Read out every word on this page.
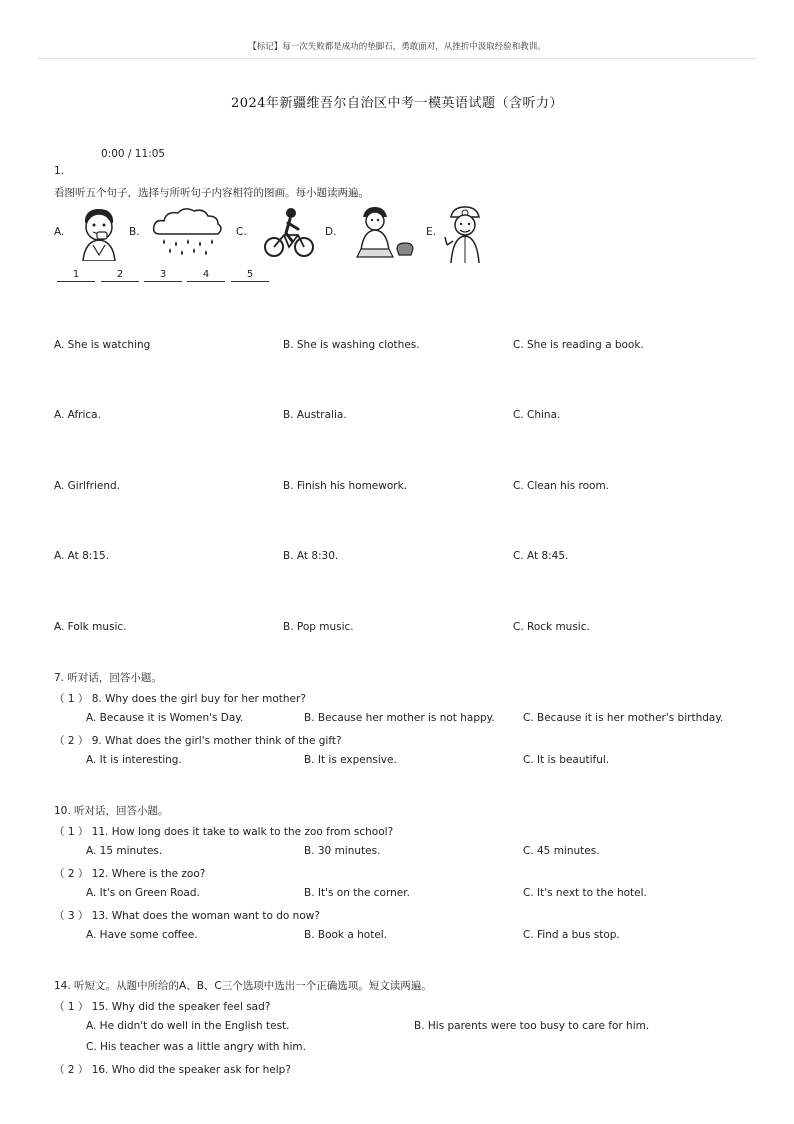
【标记】每一次失败都是成功的垫脚石，勇敢面对，从挫折中汲取经验和教训。
2024年新疆维吾尔自治区中考一模英语试题（含听力）
0:00 / 11:05
1.
看图听五个句子，选择与所听句子内容相符的图画。每小题读两遍。
A.	B.	C.	D.	E.
1	2	3	4	5
A. She is watching	B. She is washing clothes.	C. She is reading a book.
A. Africa.	B. Australia.	C. China.
A. Girlfriend.	B. Finish his homework.	C. Clean his room.
A. At 8:15.	B. At 8:30.	C. At 8:45.
A. Folk music.	B. Pop music.	C. Rock music.
7. 听对话，回答小题。
（ 1 ） 8. Why does the girl buy for her mother?
A. Because it is Women's Day.	B. Because her mother is not happy.	C. Because it is her mother's birthday.
（ 2 ） 9. What does the girl's mother think of the gift?
A. It is interesting.	B. It is expensive.	C. It is beautiful.
10. 听对话，回答小题。
（ 1 ） 11. How long does it take to walk to the zoo from school?
A. 15 minutes.	B. 30 minutes.	C. 45 minutes.
（ 2 ） 12. Where is the zoo?
A. It's on Green Road.	B. It's on the corner.	C. It's next to the hotel.
（ 3 ） 13. What does the woman want to do now?
A. Have some coffee.	B. Book a hotel.	C. Find a bus stop.
14. 听短文。从题中所给的A、B、C三个选项中选出一个正确选项。短文读两遍。
（ 1 ） 15. Why did the speaker feel sad?
A. He didn't do well in the English test.	B. His parents were too busy to care for him.
C. His teacher was a little angry with him.
（ 2 ） 16. Who did the speaker ask for help?
